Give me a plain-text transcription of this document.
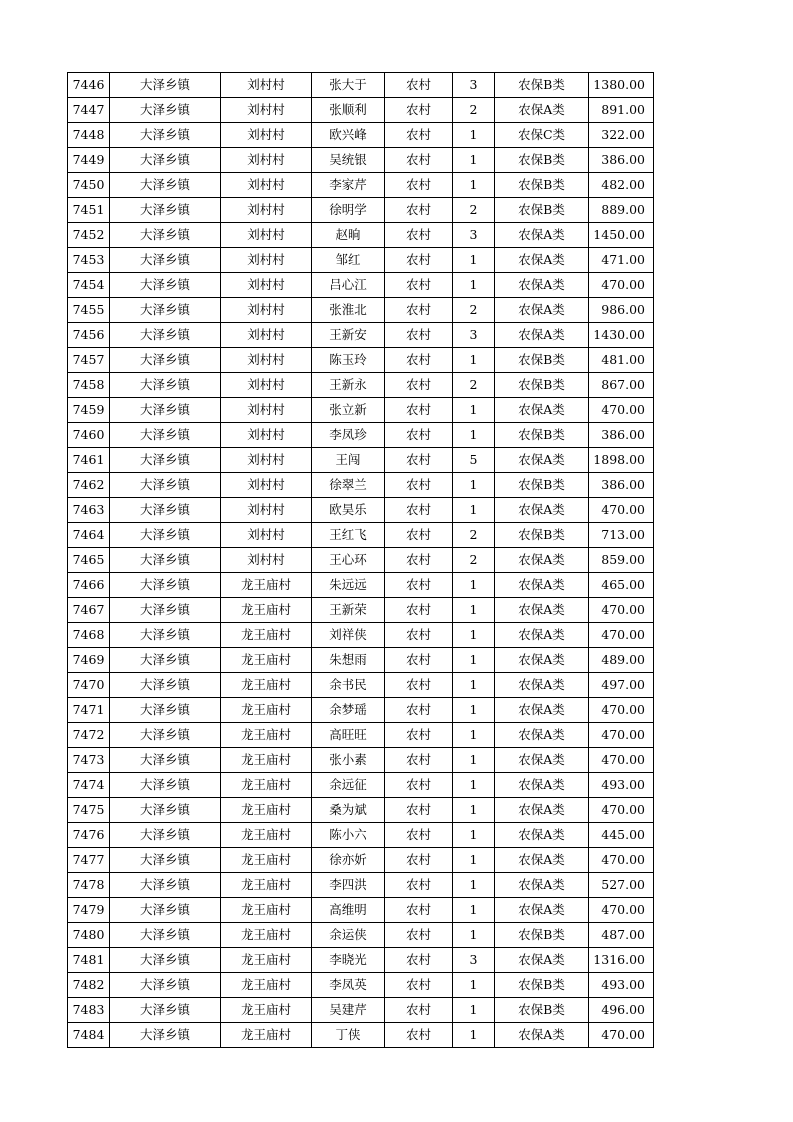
7446	大泽乡镇	刘村村	张大于	农村	3	农保B类	1380.00
7447	大泽乡镇	刘村村	张顺利	农村	2	农保A类	891.00
7448	大泽乡镇	刘村村	欧兴峰	农村	1	农保C类	322.00
7449	大泽乡镇	刘村村	吴统银	农村	1	农保B类	386.00
7450	大泽乡镇	刘村村	李家芹	农村	1	农保B类	482.00
7451	大泽乡镇	刘村村	徐明学	农村	2	农保B类	889.00
7452	大泽乡镇	刘村村	赵晌	农村	3	农保A类	1450.00
7453	大泽乡镇	刘村村	邹红	农村	1	农保A类	471.00
7454	大泽乡镇	刘村村	吕心江	农村	1	农保A类	470.00
7455	大泽乡镇	刘村村	张淮北	农村	2	农保A类	986.00
7456	大泽乡镇	刘村村	王新安	农村	3	农保A类	1430.00
7457	大泽乡镇	刘村村	陈玉玲	农村	1	农保B类	481.00
7458	大泽乡镇	刘村村	王新永	农村	2	农保B类	867.00
7459	大泽乡镇	刘村村	张立新	农村	1	农保A类	470.00
7460	大泽乡镇	刘村村	李凤珍	农村	1	农保B类	386.00
7461	大泽乡镇	刘村村	王闯	农村	5	农保A类	1898.00
7462	大泽乡镇	刘村村	徐翠兰	农村	1	农保B类	386.00
7463	大泽乡镇	刘村村	欧昊乐	农村	1	农保A类	470.00
7464	大泽乡镇	刘村村	王红飞	农村	2	农保B类	713.00
7465	大泽乡镇	刘村村	王心环	农村	2	农保A类	859.00
7466	大泽乡镇	龙王庙村	朱远远	农村	1	农保A类	465.00
7467	大泽乡镇	龙王庙村	王新荣	农村	1	农保A类	470.00
7468	大泽乡镇	龙王庙村	刘祥侠	农村	1	农保A类	470.00
7469	大泽乡镇	龙王庙村	朱想雨	农村	1	农保A类	489.00
7470	大泽乡镇	龙王庙村	余书民	农村	1	农保A类	497.00
7471	大泽乡镇	龙王庙村	余梦瑶	农村	1	农保A类	470.00
7472	大泽乡镇	龙王庙村	高旺旺	农村	1	农保A类	470.00
7473	大泽乡镇	龙王庙村	张小素	农村	1	农保A类	470.00
7474	大泽乡镇	龙王庙村	余远征	农村	1	农保A类	493.00
7475	大泽乡镇	龙王庙村	桑为斌	农村	1	农保A类	470.00
7476	大泽乡镇	龙王庙村	陈小六	农村	1	农保A类	445.00
7477	大泽乡镇	龙王庙村	徐亦妡	农村	1	农保A类	470.00
7478	大泽乡镇	龙王庙村	李四洪	农村	1	农保A类	527.00
7479	大泽乡镇	龙王庙村	高维明	农村	1	农保A类	470.00
7480	大泽乡镇	龙王庙村	余运侠	农村	1	农保B类	487.00
7481	大泽乡镇	龙王庙村	李晓光	农村	3	农保A类	1316.00
7482	大泽乡镇	龙王庙村	李凤英	农村	1	农保B类	493.00
7483	大泽乡镇	龙王庙村	吴建芹	农村	1	农保B类	496.00
7484	大泽乡镇	龙王庙村	丁侠	农村	1	农保A类	470.00
